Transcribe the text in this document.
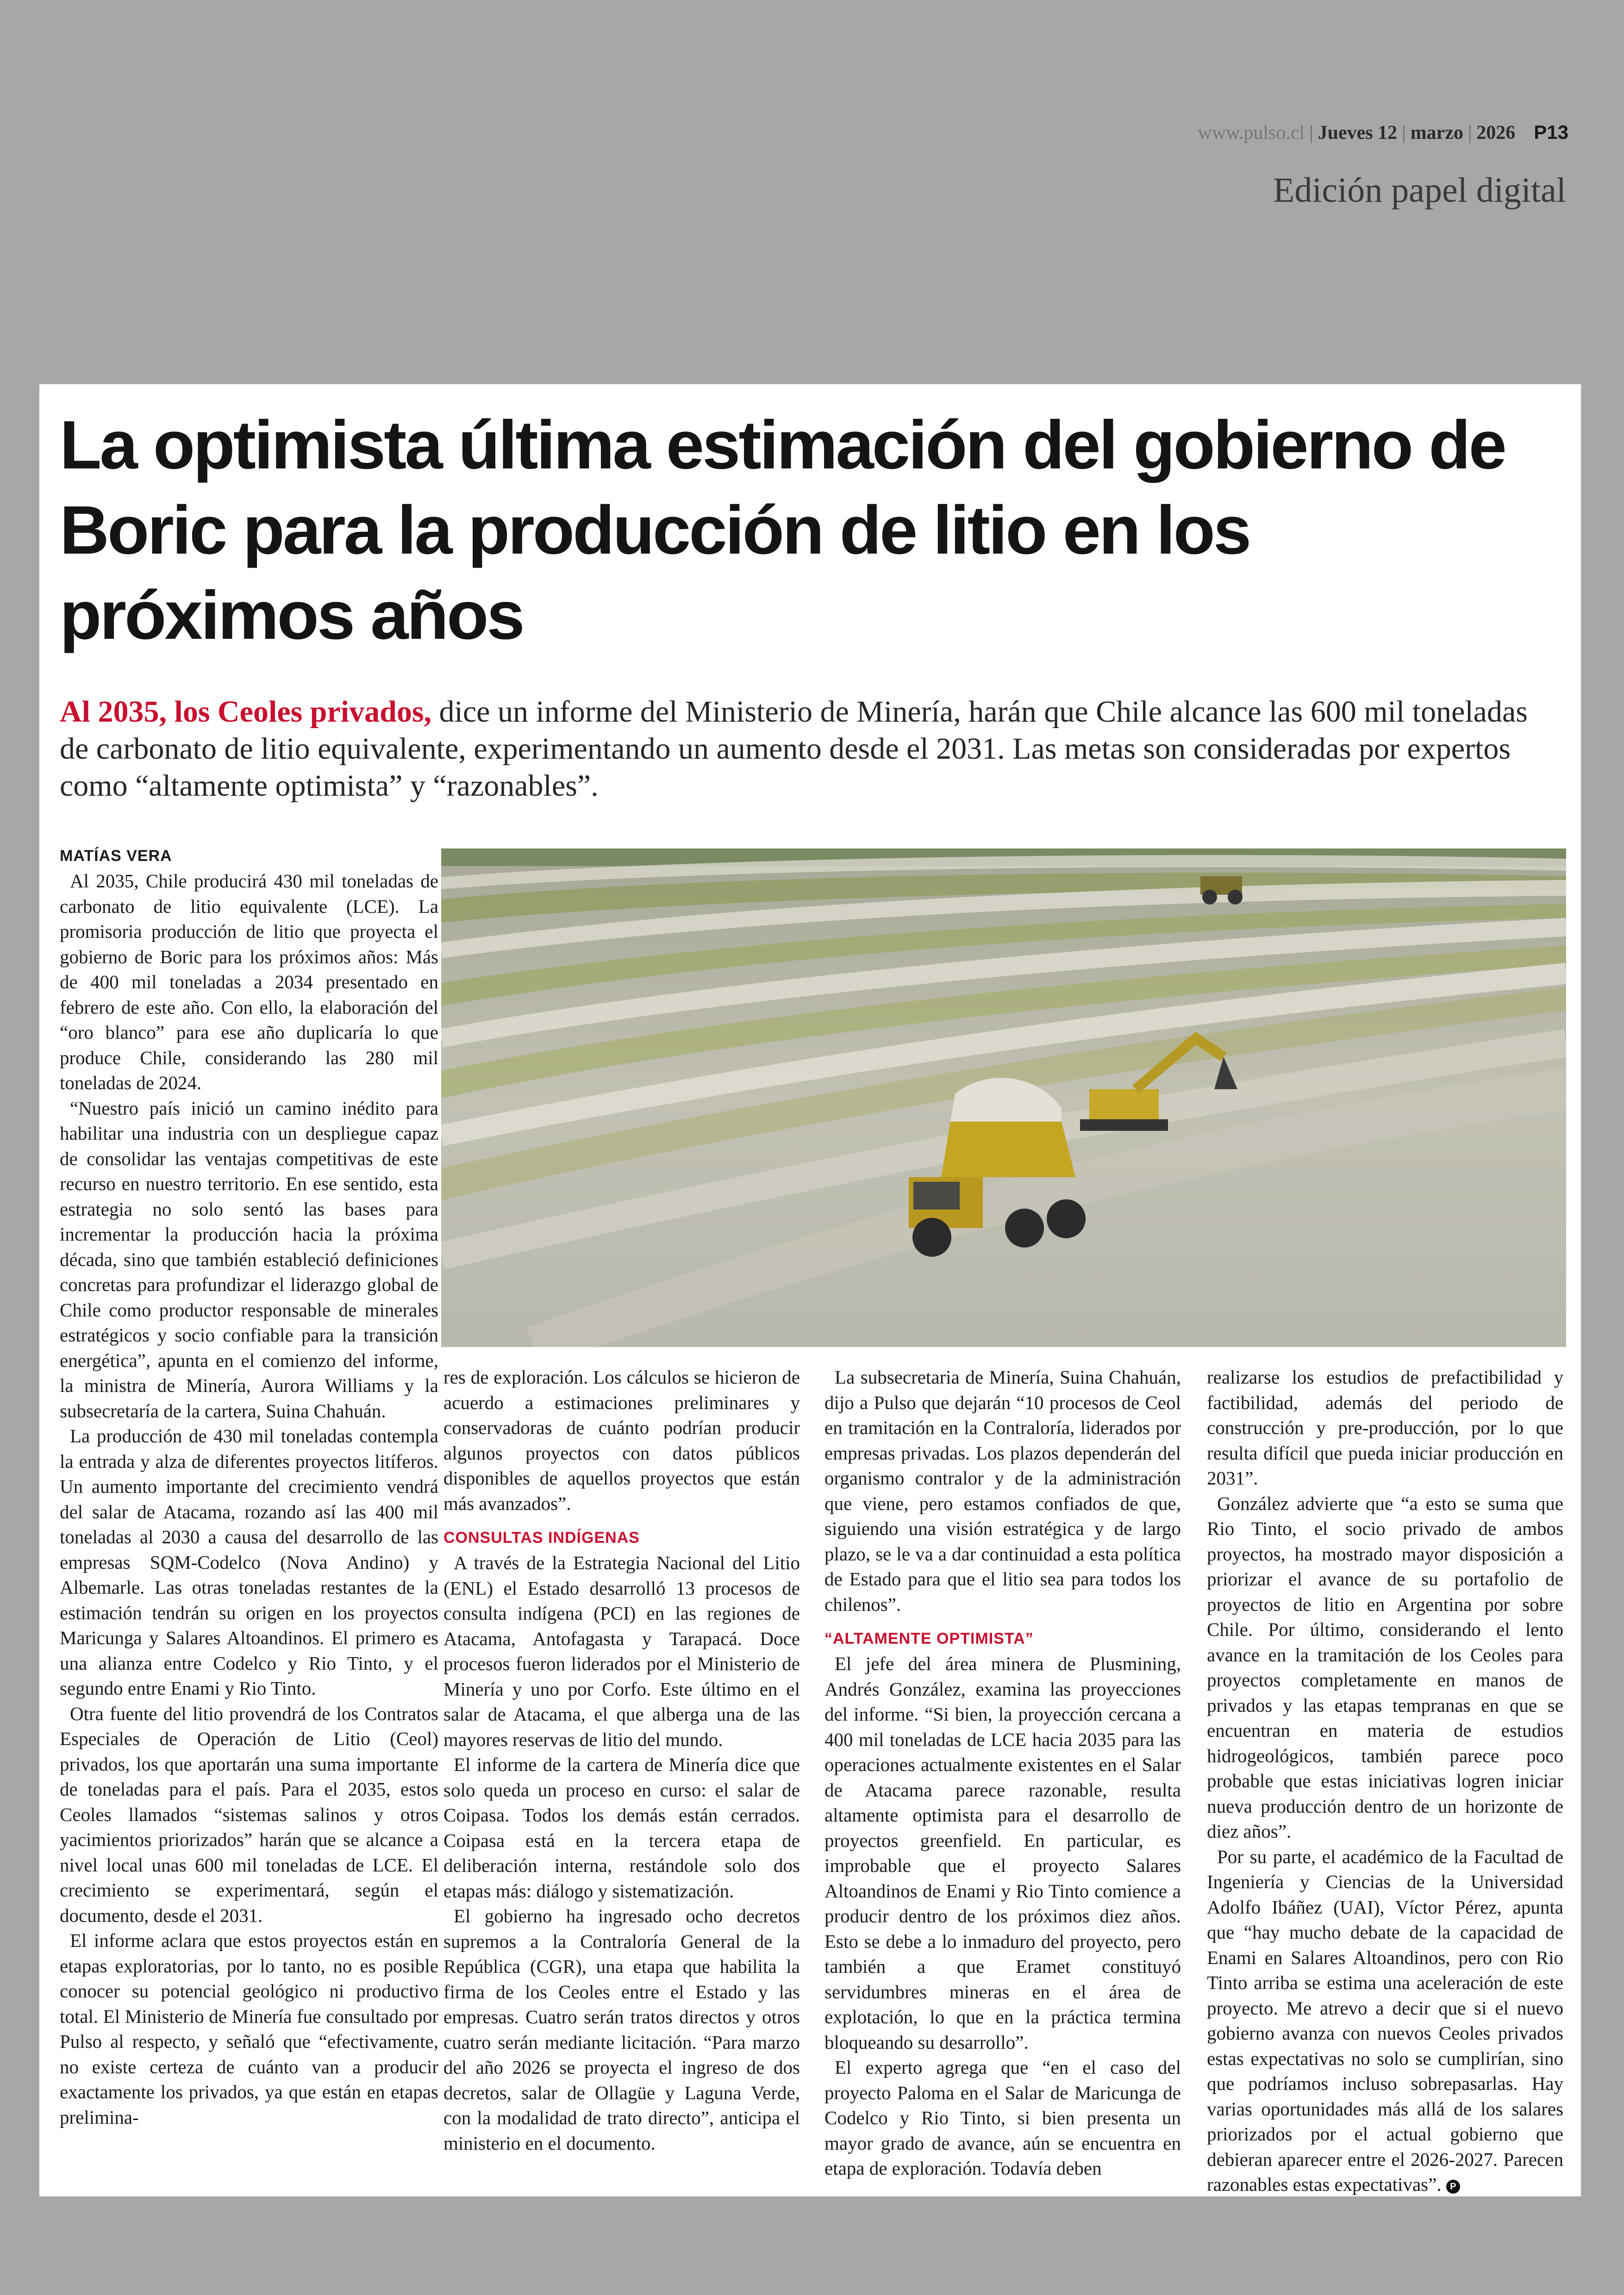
www.pulso.cl | Jueves 12 | marzo | 2026 P13
Edición papel digital
La optimista última estimación del gobierno de Boric para la producción de litio en los próximos años

Al 2035, los Ceoles privados, dice un informe del Ministerio de Minería, harán que Chile alcance las 600 mil toneladas de carbonato de litio equivalente, experimentando un aumento desde el 2031. Las metas son consideradas por expertos como “altamente optimista” y “razonables”.

MATÍAS VERA

Al 2035, Chile producirá 430 mil toneladas de carbonato de litio equivalente (LCE). La promisoria producción de litio que proyecta el gobierno de Boric para los próximos años: Más de 400 mil toneladas a 2034 presentado en febrero de este año. Con ello, la elaboración del “oro blanco” para ese año duplicaría lo que produce Chile, considerando las 280 mil toneladas de 2024.

“Nuestro país inició un camino inédito para habilitar una industria con un despliegue capaz de consolidar las ventajas competitivas de este recurso en nuestro territorio. En ese sentido, esta estrategia no solo sentó las bases para incrementar la producción hacia la próxima década, sino que también estableció definiciones concretas para profundizar el liderazgo global de Chile como productor responsable de minerales estratégicos y socio confiable para la transición energética”, apunta en el comienzo del informe, la ministra de Minería, Aurora Williams y la subsecretaría de la cartera, Suina Chahuán.

La producción de 430 mil toneladas contempla la entrada y alza de diferentes proyectos litíferos. Un aumento importante del crecimiento vendrá del salar de Atacama, rozando así las 400 mil toneladas al 2030 a causa del desarrollo de las empresas SQM-Codelco (Nova Andino) y Albemarle. Las otras toneladas restantes de la estimación tendrán su origen en los proyectos Maricunga y Salares Altoandinos. El primero es una alianza entre Codelco y Rio Tinto, y el segundo entre Enami y Rio Tinto.

Otra fuente del litio provendrá de los Contratos Especiales de Operación de Litio (Ceol) privados, los que aportarán una suma importante de toneladas para el país. Para el 2035, estos Ceoles llamados “sistemas salinos y otros yacimientos priorizados” harán que se alcance a nivel local unas 600 mil toneladas de LCE. El crecimiento se experimentará, según el documento, desde el 2031.

El informe aclara que estos proyectos están en etapas exploratorias, por lo tanto, no es posible conocer su potencial geológico ni productivo total. El Ministerio de Minería fue consultado por Pulso al respecto, y señaló que “efectivamente, no existe certeza de cuánto van a producir exactamente los privados, ya que están en etapas prelimina-

res de exploración. Los cálculos se hicieron de acuerdo a estimaciones preliminares y conservadoras de cuánto podrían producir algunos proyectos con datos públicos disponibles de aquellos proyectos que están más avanzados”.

CONSULTAS INDÍGENAS

A través de la Estrategia Nacional del Litio (ENL) el Estado desarrolló 13 procesos de consulta indígena (PCI) en las regiones de Atacama, Antofagasta y Tarapacá. Doce procesos fueron liderados por el Ministerio de Minería y uno por Corfo. Este último en el salar de Atacama, el que alberga una de las mayores reservas de litio del mundo.

El informe de la cartera de Minería dice que solo queda un proceso en curso: el salar de Coipasa. Todos los demás están cerrados. Coipasa está en la tercera etapa de deliberación interna, restándole solo dos etapas más: diálogo y sistematización.

El gobierno ha ingresado ocho decretos supremos a la Contraloría General de la República (CGR), una etapa que habilita la firma de los Ceoles entre el Estado y las empresas. Cuatro serán tratos directos y otros cuatro serán mediante licitación. “Para marzo del año 2026 se proyecta el ingreso de dos decretos, salar de Ollagüe y Laguna Verde, con la modalidad de trato directo”, anticipa el ministerio en el documento.

La subsecretaria de Minería, Suina Chahuán, dijo a Pulso que dejarán “10 procesos de Ceol en tramitación en la Contraloría, liderados por empresas privadas. Los plazos dependerán del organismo contralor y de la administración que viene, pero estamos confiados de que, siguiendo una visión estratégica y de largo plazo, se le va a dar continuidad a esta política de Estado para que el litio sea para todos los chilenos”.

“ALTAMENTE OPTIMISTA”

El jefe del área minera de Plusmining, Andrés González, examina las proyecciones del informe. “Si bien, la proyección cercana a 400 mil toneladas de LCE hacia 2035 para las operaciones actualmente existentes en el Salar de Atacama parece razonable, resulta altamente optimista para el desarrollo de proyectos greenfield. En particular, es improbable que el proyecto Salares Altoandinos de Enami y Rio Tinto comience a producir dentro de los próximos diez años. Esto se debe a lo inmaduro del proyecto, pero también a que Eramet constituyó servidumbres mineras en el área de explotación, lo que en la práctica termina bloqueando su desarrollo”.

El experto agrega que “en el caso del proyecto Paloma en el Salar de Maricunga de Codelco y Rio Tinto, si bien presenta un mayor grado de avance, aún se encuentra en etapa de exploración. Todavía deben

realizarse los estudios de prefactibilidad y factibilidad, además del periodo de construcción y pre-producción, por lo que resulta difícil que pueda iniciar producción en 2031”.

González advierte que “a esto se suma que Rio Tinto, el socio privado de ambos proyectos, ha mostrado mayor disposición a priorizar el avance de su portafolio de proyectos de litio en Argentina por sobre Chile. Por último, considerando el lento avance en la tramitación de los Ceoles para proyectos completamente en manos de privados y las etapas tempranas en que se encuentran en materia de estudios hidrogeológicos, también parece poco probable que estas iniciativas logren iniciar nueva producción dentro de un horizonte de diez años”.

Por su parte, el académico de la Facultad de Ingeniería y Ciencias de la Universidad Adolfo Ibáñez (UAI), Víctor Pérez, apunta que “hay mucho debate de la capacidad de Enami en Salares Altoandinos, pero con Rio Tinto arriba se estima una aceleración de este proyecto. Me atrevo a decir que si el nuevo gobierno avanza con nuevos Ceoles privados estas expectativas no solo se cumplirían, sino que podríamos incluso sobrepasarlas. Hay varias oportunidades más allá de los salares priorizados por el actual gobierno que debieran aparecer entre el 2026-2027. Parecen razonables estas expectativas”. P
